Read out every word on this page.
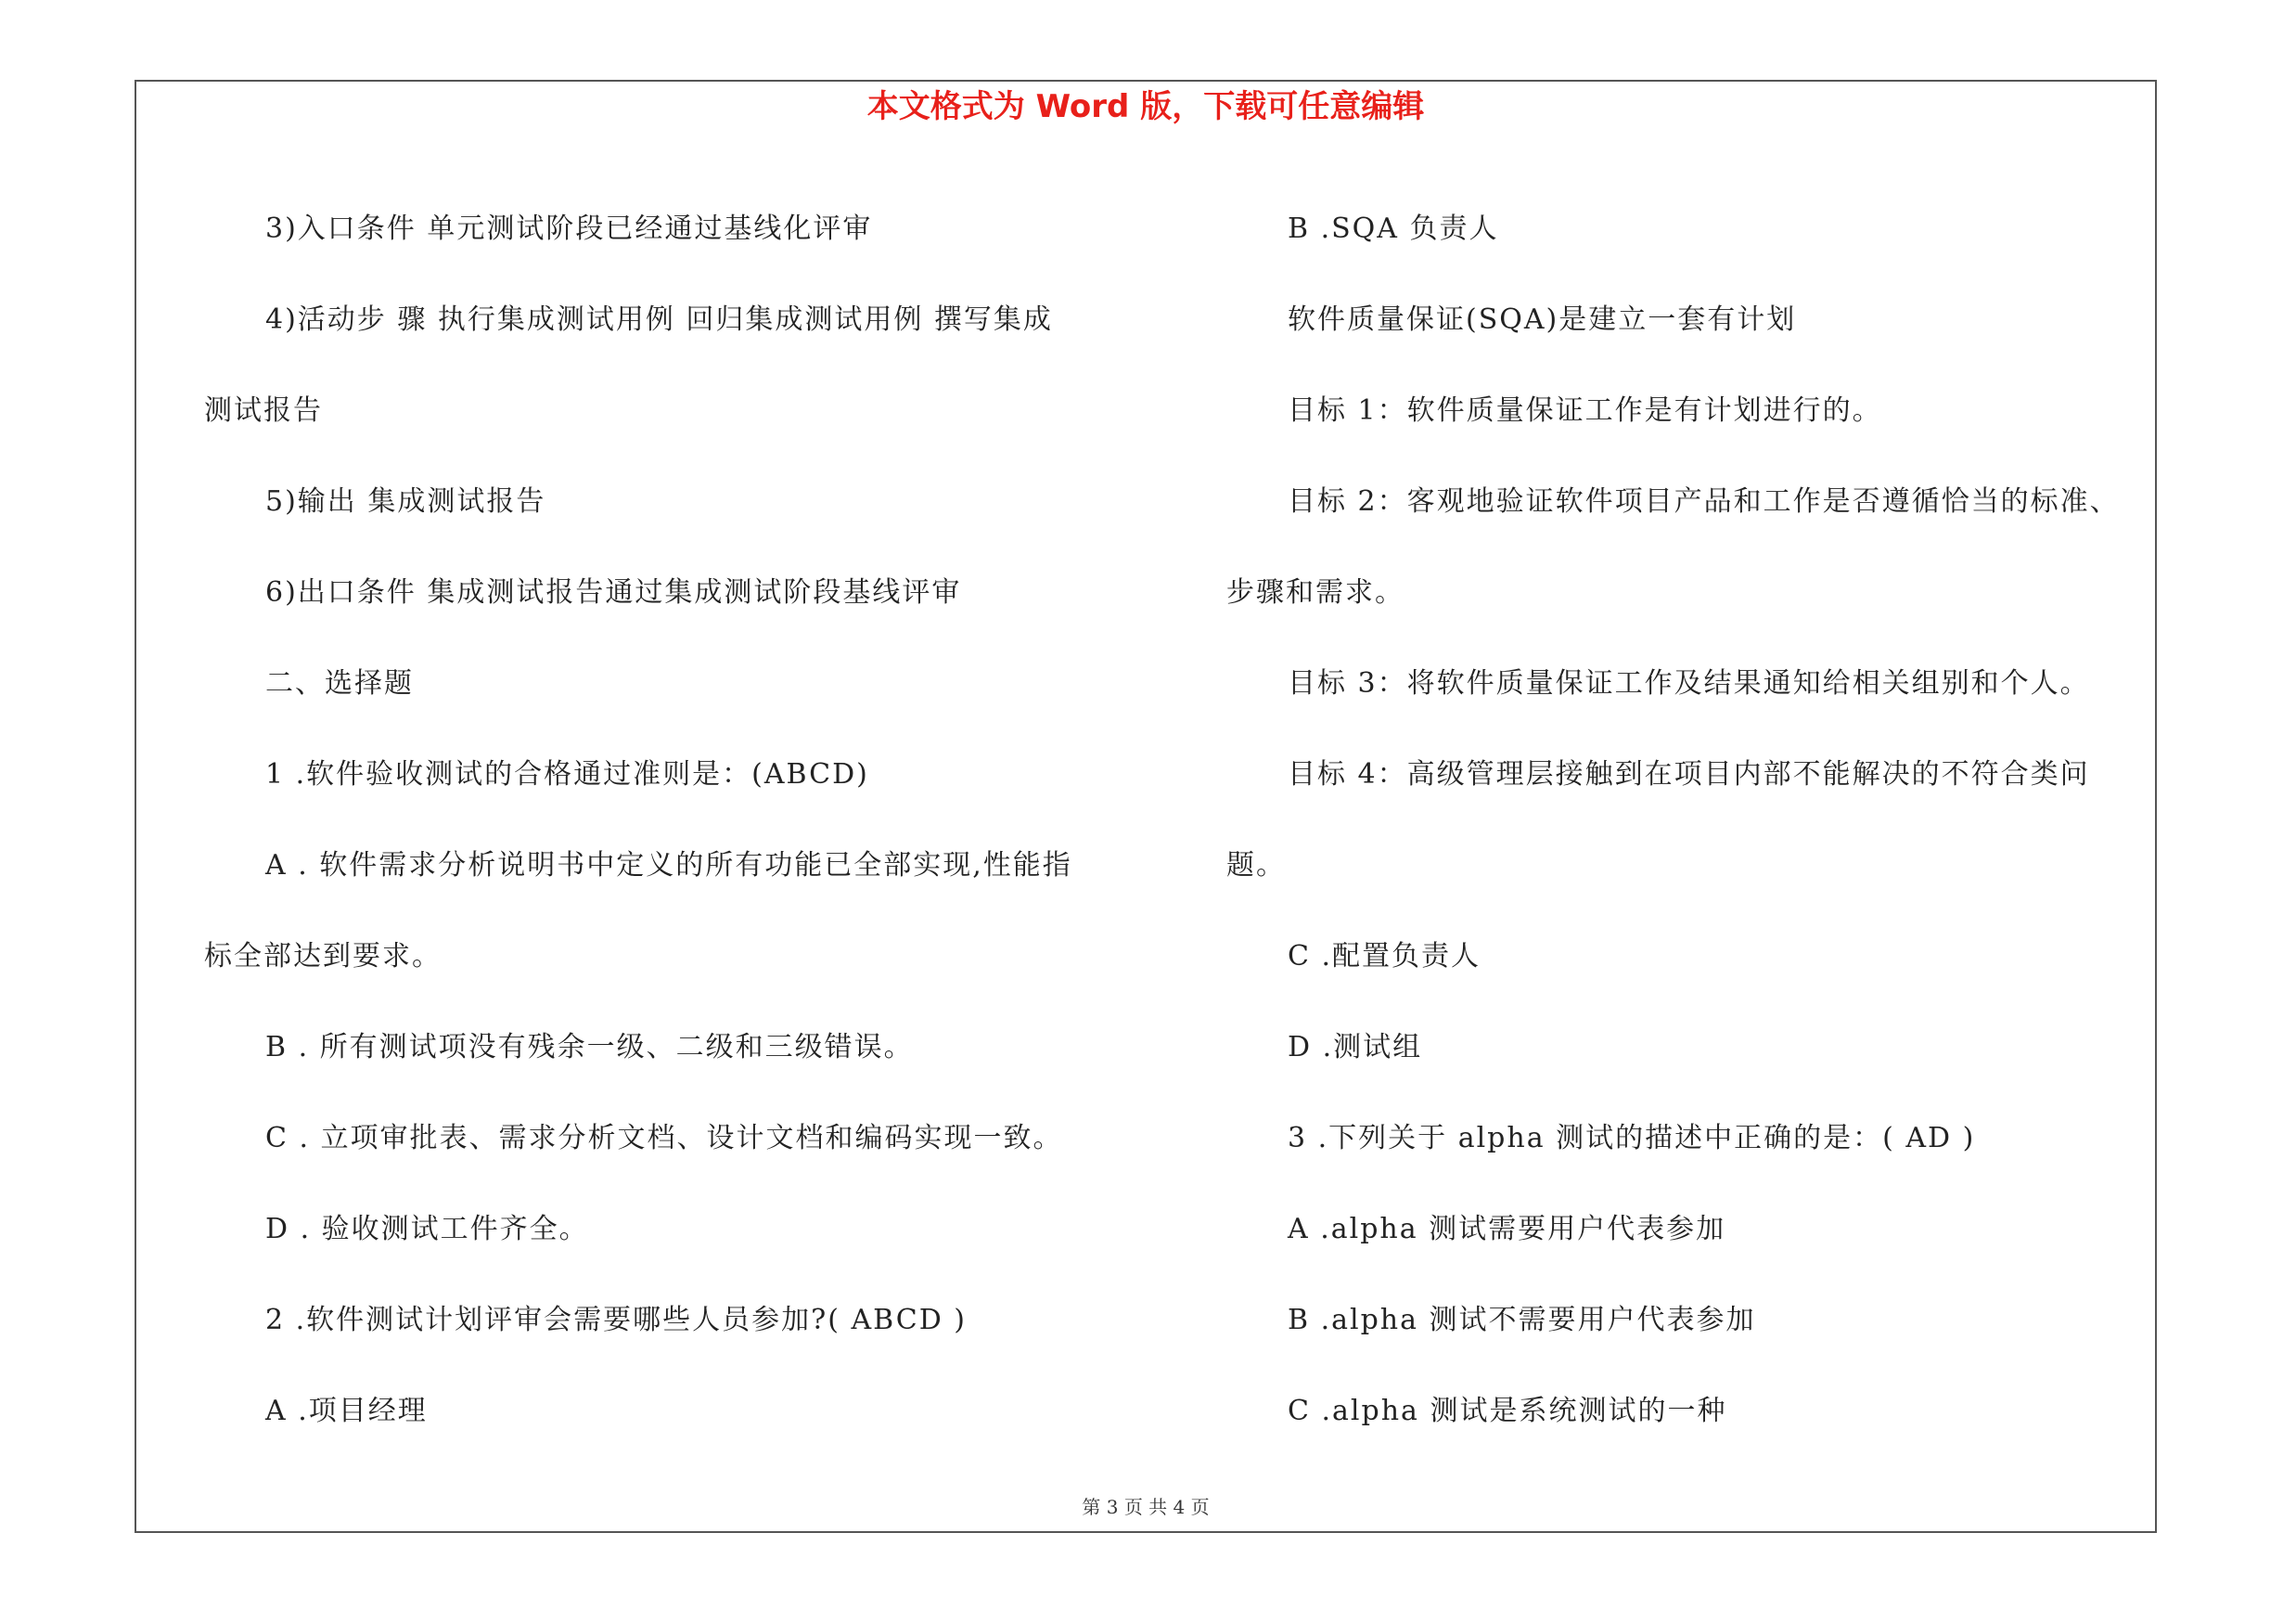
本文格式为 Word 版，下载可任意编辑
3)入口条件 单元测试阶段已经通过基线化评审
4)活动步 骤 执行集成测试用例 回归集成测试用例 撰写集成
测试报告
5)输出 集成测试报告
6)出口条件 集成测试报告通过集成测试阶段基线评审
二、选择题
1 .软件验收测试的合格通过准则是：(ABCD)
A . 软件需求分析说明书中定义的所有功能已全部实现,性能指
标全部达到要求。
B . 所有测试项没有残余一级、二级和三级错误。
C . 立项审批表、需求分析文档、设计文档和编码实现一致。
D . 验收测试工件齐全。
2 .软件测试计划评审会需要哪些人员参加?( ABCD )
A .项目经理
B .SQA 负责人
软件质量保证(SQA)是建立一套有计划
目标 1：软件质量保证工作是有计划进行的。
目标 2：客观地验证软件项目产品和工作是否遵循恰当的标准、
步骤和需求。
目标 3：将软件质量保证工作及结果通知给相关组别和个人。
目标 4：高级管理层接触到在项目内部不能解决的不符合类问
题。
C .配置负责人
D .测试组
3 .下列关于 alpha 测试的描述中正确的是：( AD )
A .alpha 测试需要用户代表参加
B .alpha 测试不需要用户代表参加
C .alpha 测试是系统测试的一种
第 3 页 共 4 页
